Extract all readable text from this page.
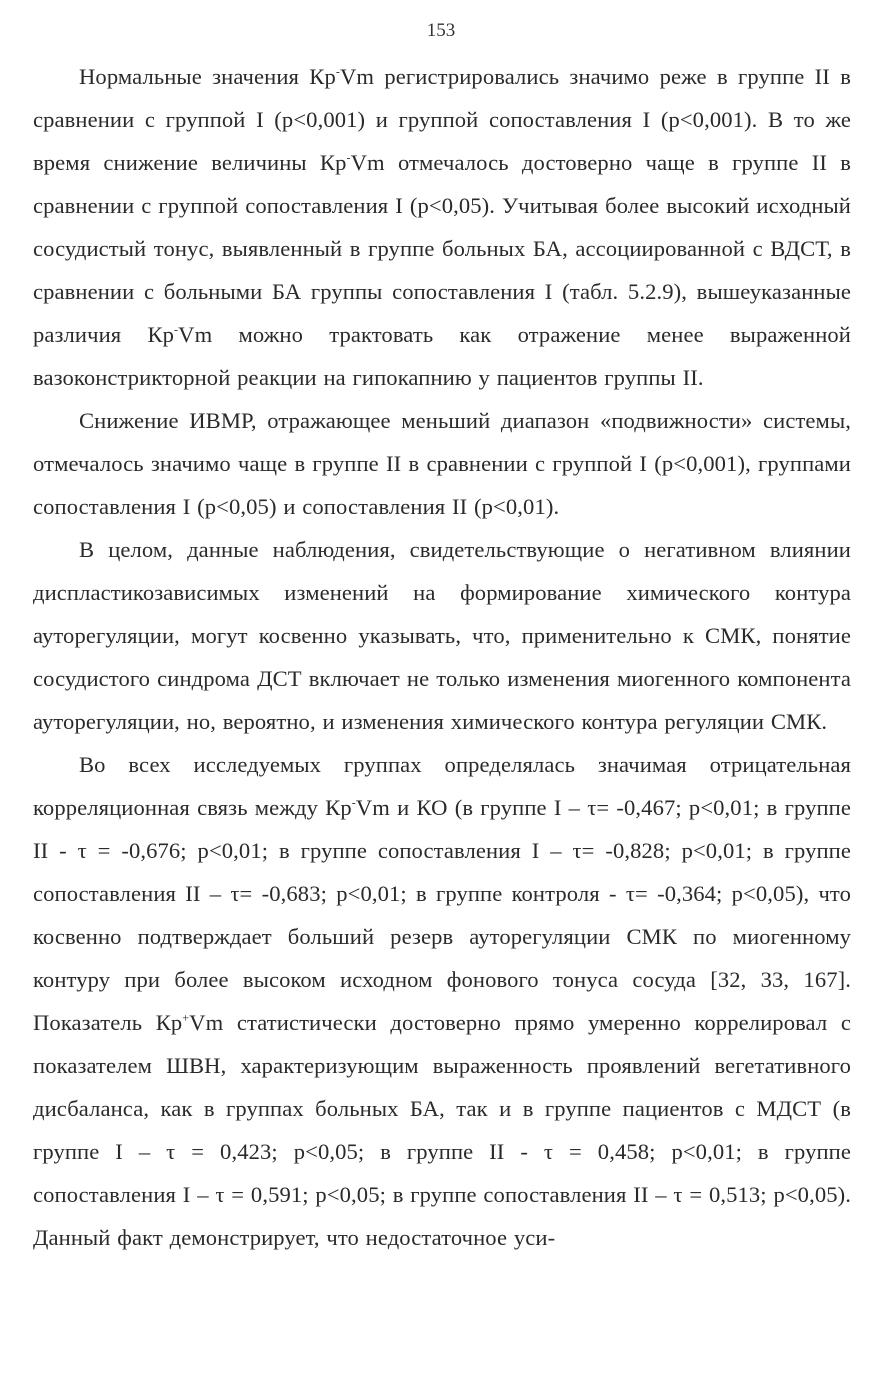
153

Нормальные значения Кр-Vm регистрировались значимо реже в группе II в сравнении с группой I (p<0,001) и группой сопоставления I (p<0,001). В то же время снижение величины Кр-Vm отмечалось достоверно чаще в группе II в сравнении с группой сопоставления I (p<0,05). Учитывая более высокий исходный сосудистый тонус, выявленный в группе больных БА, ассоциированной с ВДСТ, в сравнении с больными БА группы сопоставления I (табл. 5.2.9), вышеуказанные различия Кр-Vm можно трактовать как отражение менее выраженной вазоконстрикторной реакции на гипокапнию у пациентов группы II.

Снижение ИВМР, отражающее меньший диапазон «подвижности» системы, отмечалось значимо чаще в группе II в сравнении с группой I (p<0,001), группами сопоставления I (p<0,05) и сопоставления II (p<0,01).

В целом, данные наблюдения, свидетельствующие о негативном влиянии диспластикозависимых изменений на формирование химического контура ауторегуляции, могут косвенно указывать, что, применительно к СМК, понятие сосудистого синдрома ДСТ включает не только изменения миогенного компонента ауторегуляции, но, вероятно, и изменения химического контура регуляции СМК.

Во всех исследуемых группах определялась значимая отрицательная корреляционная связь между Кр-Vm и КО (в группе I – τ= -0,467; p<0,01; в группе II - τ = -0,676; p<0,01; в группе сопоставления I – τ= -0,828; p<0,01; в группе сопоставления II – τ= -0,683; p<0,01; в группе контроля - τ= -0,364; p<0,05), что косвенно подтверждает больший резерв ауторегуляции СМК по миогенному контуру при более высоком исходном фонового тонуса сосуда [32, 33, 167]. Показатель Кр+Vm статистически достоверно прямо умеренно коррелировал с показателем ШВН, характеризующим выраженность проявлений вегетативного дисбаланса, как в группах больных БА, так и в группе пациентов с МДСТ (в группе I – τ = 0,423; p<0,05; в группе II - τ = 0,458; p<0,01; в группе сопоставления I – τ = 0,591; p<0,05; в группе сопоставления II – τ = 0,513; p<0,05). Данный факт демонстрирует, что недостаточное уси-
